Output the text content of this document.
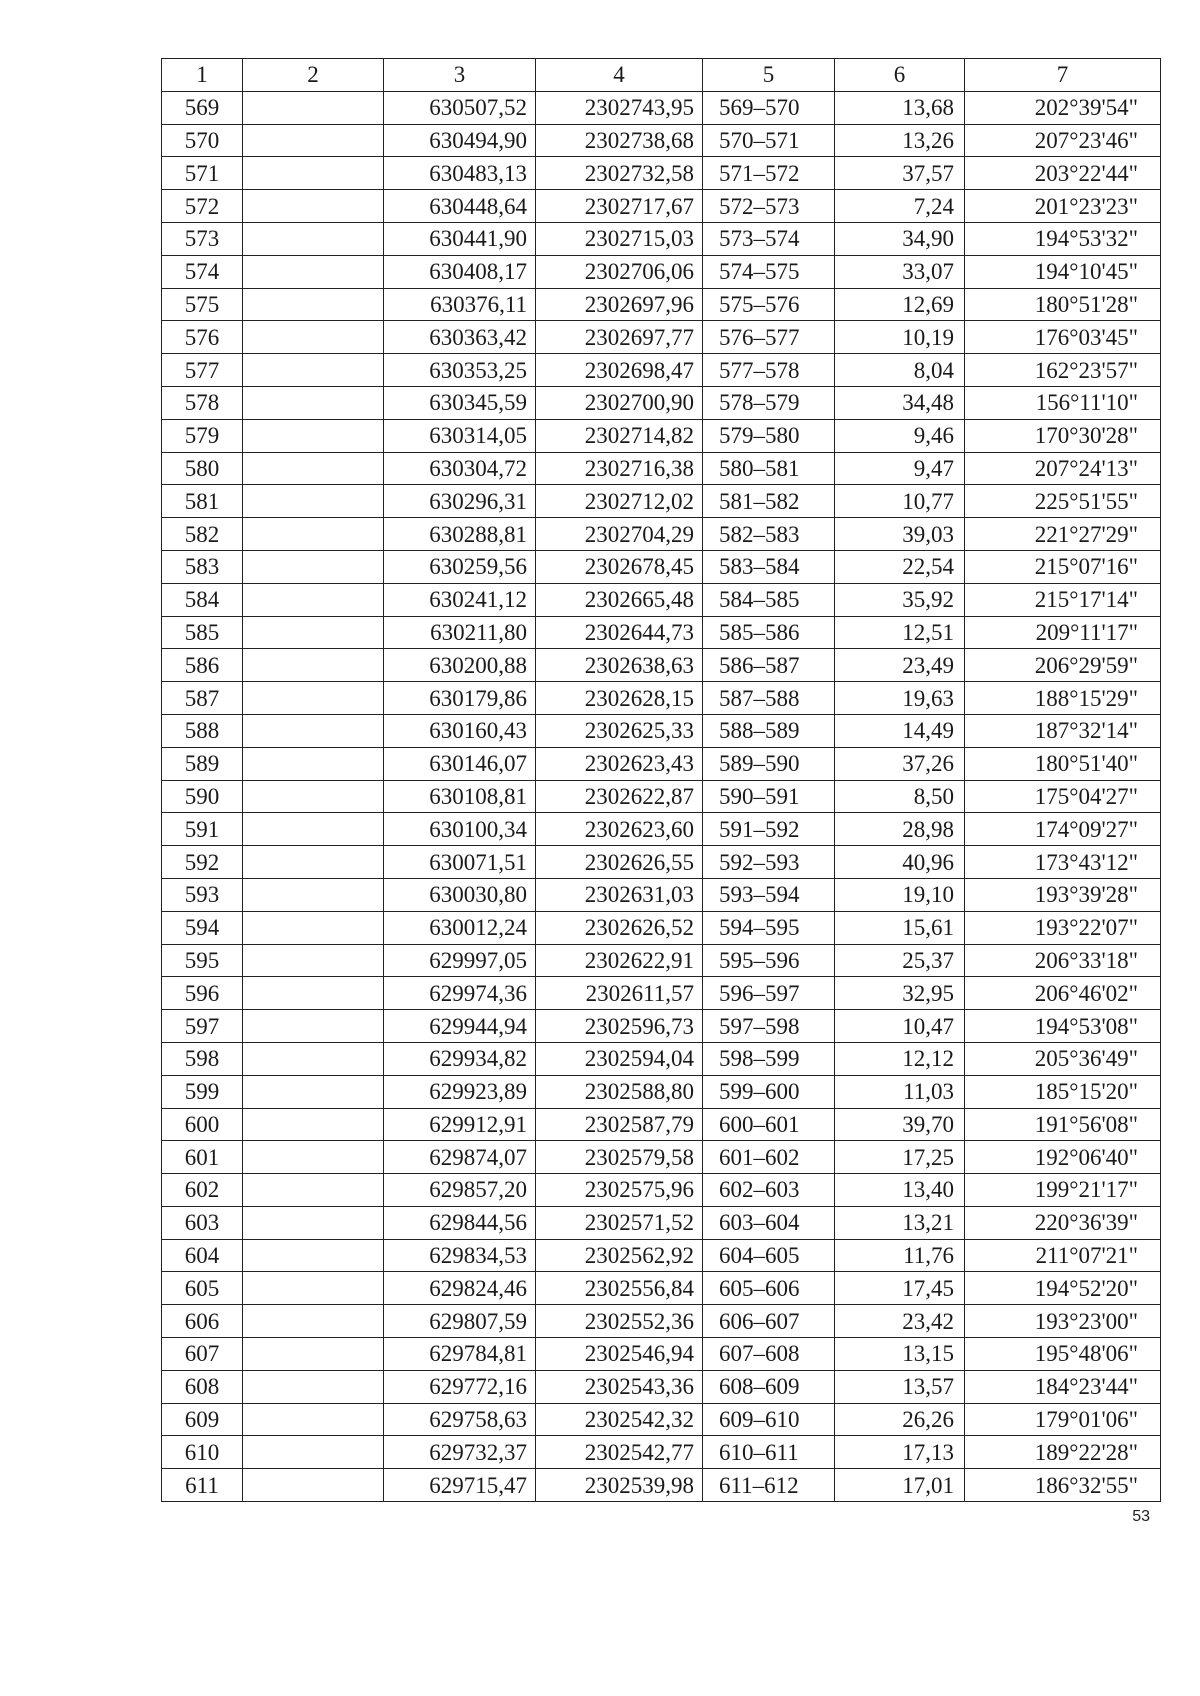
1	2	3	4	5	6	7
569		630507,52	2302743,95	569–570	13,68	202°39'54"
570		630494,90	2302738,68	570–571	13,26	207°23'46"
571		630483,13	2302732,58	571–572	37,57	203°22'44"
572		630448,64	2302717,67	572–573	7,24	201°23'23"
573		630441,90	2302715,03	573–574	34,90	194°53'32"
574		630408,17	2302706,06	574–575	33,07	194°10'45"
575		630376,11	2302697,96	575–576	12,69	180°51'28"
576		630363,42	2302697,77	576–577	10,19	176°03'45"
577		630353,25	2302698,47	577–578	8,04	162°23'57"
578		630345,59	2302700,90	578–579	34,48	156°11'10"
579		630314,05	2302714,82	579–580	9,46	170°30'28"
580		630304,72	2302716,38	580–581	9,47	207°24'13"
581		630296,31	2302712,02	581–582	10,77	225°51'55"
582		630288,81	2302704,29	582–583	39,03	221°27'29"
583		630259,56	2302678,45	583–584	22,54	215°07'16"
584		630241,12	2302665,48	584–585	35,92	215°17'14"
585		630211,80	2302644,73	585–586	12,51	209°11'17"
586		630200,88	2302638,63	586–587	23,49	206°29'59"
587		630179,86	2302628,15	587–588	19,63	188°15'29"
588		630160,43	2302625,33	588–589	14,49	187°32'14"
589		630146,07	2302623,43	589–590	37,26	180°51'40"
590		630108,81	2302622,87	590–591	8,50	175°04'27"
591		630100,34	2302623,60	591–592	28,98	174°09'27"
592		630071,51	2302626,55	592–593	40,96	173°43'12"
593		630030,80	2302631,03	593–594	19,10	193°39'28"
594		630012,24	2302626,52	594–595	15,61	193°22'07"
595		629997,05	2302622,91	595–596	25,37	206°33'18"
596		629974,36	2302611,57	596–597	32,95	206°46'02"
597		629944,94	2302596,73	597–598	10,47	194°53'08"
598		629934,82	2302594,04	598–599	12,12	205°36'49"
599		629923,89	2302588,80	599–600	11,03	185°15'20"
600		629912,91	2302587,79	600–601	39,70	191°56'08"
601		629874,07	2302579,58	601–602	17,25	192°06'40"
602		629857,20	2302575,96	602–603	13,40	199°21'17"
603		629844,56	2302571,52	603–604	13,21	220°36'39"
604		629834,53	2302562,92	604–605	11,76	211°07'21"
605		629824,46	2302556,84	605–606	17,45	194°52'20"
606		629807,59	2302552,36	606–607	23,42	193°23'00"
607		629784,81	2302546,94	607–608	13,15	195°48'06"
608		629772,16	2302543,36	608–609	13,57	184°23'44"
609		629758,63	2302542,32	609–610	26,26	179°01'06"
610		629732,37	2302542,77	610–611	17,13	189°22'28"
611		629715,47	2302539,98	611–612	17,01	186°32'55"
53
